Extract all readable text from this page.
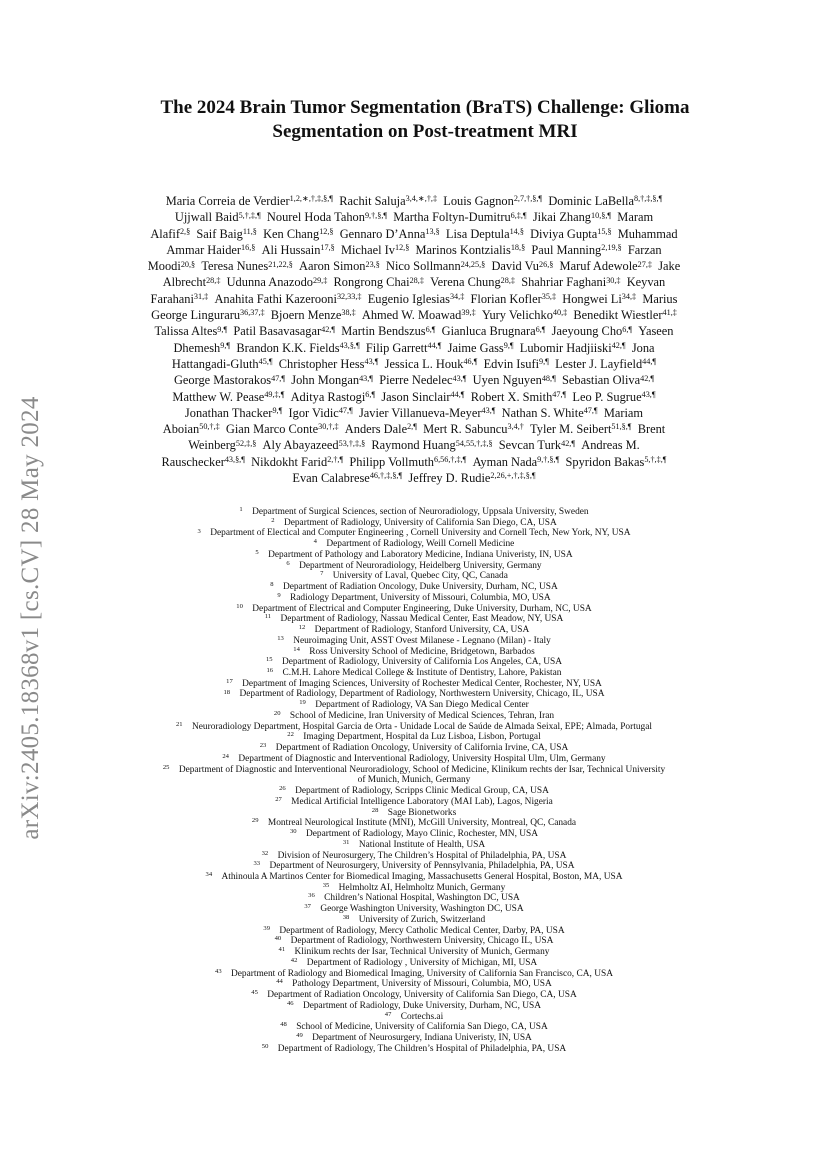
arXiv:2405.18368v1 [cs.CV] 28 May 2024
The 2024 Brain Tumor Segmentation (BraTS) Challenge: Glioma
Segmentation on Post-treatment MRI
Maria Correia de Verdier$^{1,2,∗,\dagger,\ddagger,\S,\P}$  Rachit Saluja$^{3,4,∗,\dagger,\ddagger}$  Louis Gagnon$^{2,7,\dagger,\S,\P}$  Dominic LaBella$^{8,\dagger,\ddagger,\S,\P}$
Ujjwall Baid$^{5,\dagger,\ddagger,\P}$  Nourel Hoda Tahon$^{9,\dagger,\S,\P}$  Martha Foltyn-Dumitru$^{6,\ddagger,\P}$  Jikai Zhang$^{10,\S,\P}$  Maram
Alafif$^{2,\S}$  Saif Baig$^{11,\S}$  Ken Chang$^{12,\S}$  Gennaro D’Anna$^{13,\S}$  Lisa Deptula$^{14,\S}$  Diviya Gupta$^{15,\S}$  Muhammad
Ammar Haider$^{16,\S}$  Ali Hussain$^{17,\S}$  Michael $Iv^{12,\S}$  Marinos Kontzialis$^{18,\S}$  Paul Manning$^{2,19,\S}$  Farzan
Moodi$^{20,\S}$  Teresa Nunes$^{21,22,\S}$  Aaron Simon$^{23,\S}$  Nico Sollmann$^{24,25,\S}$  David $Vu^{26,\S}$  Maruf Adewole$^{27,\ddagger}$  Jake
Albrecht$^{28,\ddagger}$  Udunna Anazodo$^{29,\ddagger}$  Rongrong Chai$^{28,\ddagger}$  Verena Chung$^{28,\ddagger}$  Shahriar Faghani$^{30,\ddagger}$  Keyvan
Farahani$^{31,\ddagger}$  Anahita Fathi Kazerooni$^{32,33,\ddagger}$  Eugenio Iglesias$^{34,\ddagger}$  Florian Kofler$^{35,\ddagger}$  Hongwei $Li^{34,\ddagger}$  Marius
George Linguraru$^{36,37,\ddagger}$  Bjoern Menze$^{38,\ddagger}$  Ahmed W. Moawad$^{39,\ddagger}$  Yury Velichko$^{40,\ddagger}$  Benedikt Wiestler$^{41,\ddagger}$
Talissa Altes$^{9,\P}$  Patil Basavasagar$^{42,\P}$  Martin Bendszus$^{6,\P}$  Gianluca Brugnara$^{6,\P}$  Jaeyoung Cho$^{6,\P}$  Yaseen
Dhemesh$^{9,\P}$  Brandon K.K. Fields$^{43,\S,\P}$  Filip Garrett$^{44,\P}$  Jaime Gass$^{9,\P}$  Lubomir Hadjiiski$^{42,\P}$  Jona
Hattangadi-Gluth$^{45,\P}$  Christopher Hess$^{43,\P}$  Jessica L. Houk$^{46,\P}$  Edvin Isufi$^{9,\P}$  Lester J. Layfield$^{44,\P}$
George Mastorakos$^{47,\P}$  John Mongan$^{43,\P}$  Pierre Nedelec$^{43,\P}$  Uyen Nguyen$^{48,\P}$  Sebastian Oliva$^{42,\P}$
Matthew W. Pease$^{49,\ddagger,\P}$  Aditya Rastogi$^{6,\P}$  Jason Sinclair$^{44,\P}$  Robert X. Smith$^{47,\P}$  Leo P. Sugrue$^{43,\P}$
Jonathan Thacker$^{9,\P}$  Igor Vidic$^{47,\P}$  Javier Villanueva-Meyer$^{43,\P}$  Nathan S. White$^{47,\P}$  Mariam
Aboian$^{50,\dagger,\ddagger}$  Gian Marco Conte$^{30,\dagger,\ddagger}$  Anders Dale$^{2,\P}$  Mert R. Sabuncu$^{3,4,\dagger}$  Tyler M. Seibert$^{51,\S,\P}$  Brent
Weinberg$^{52,\ddagger,\S}$  Aly Abayazeed$^{53,\dagger,\ddagger,\S}$  Raymond Huang$^{54,55,\dagger,\ddagger,\S}$  Sevcan Turk$^{42,\P}$  Andreas M.
Rauschecker$^{43,\S,\P}$  Nikdokht Farid$^{2,\dagger,\P}$  Philipp Vollmuth$^{6,56,\dagger,\ddagger,\P}$  Ayman Nada$^{9,\dagger,\S,\P}$  Spyridon Bakas$^{5,\dagger,\ddagger,\P}$
Evan Calabrese$^{46,\dagger,\ddagger,\S,\P}$  Jeffrey D. Rudie$^{2,26,+,\dagger,\ddagger,\S,\P}$
$^1$  Department of Surgical Sciences, section of Neuroradiology, Uppsala University, Sweden
$^2$  Department of Radiology, University of California San Diego, CA, USA
$^3$  Department of Electical and Computer Engineering , Cornell University and Cornell Tech, New York, NY, USA
$^4$  Department of Radiology, Weill Cornell Medicine
$^5$  Department of Pathology and Laboratory Medicine, Indiana Univeristy, IN, USA
$^6$  Department of Neuroradiology, Heidelberg University, Germany
$^7$  University of Laval, Quebec City, QC, Canada
$^8$  Department of Radiation Oncology, Duke University, Durham, NC, USA
$^9$  Radiology Department, University of Missouri, Columbia, MO, USA
$^{10}$  Department of Electrical and Computer Engineering, Duke University, Durham, NC, USA
$^{11}$  Department of Radiology, Nassau Medical Center, East Meadow, NY, USA
$^{12}$  Department of Radiology, Stanford University, CA, USA
$^{13}$  Neuroimaging Unit, ASST Ovest Milanese - Legnano (Milan) - Italy
$^{14}$  Ross University School of Medicine, Bridgetown, Barbados
$^{15}$  Department of Radiology, University of California Los Angeles, CA, USA
$^{16}$  C.M.H. Lahore Medical College & Institute of Dentistry, Lahore, Pakistan
$^{17}$  Department of Imaging Sciences, University of Rochester Medical Center, Rochester, NY, USA
$^{18}$  Department of Radiology, Department of Radiology, Northwestern University, Chicago, IL, USA
$^{19}$  Department of Radiology, VA San Diego Medical Center
$^{20}$  School of Medicine, Iran University of Medical Sciences, Tehran, Iran
$^{21}$  Neuroradiology Department, Hospital Garcia de Orta - Unidade Local de Saúde de Almada Seixal, EPE; Almada, Portugal
$^{22}$  Imaging Department, Hospital da Luz Lisboa, Lisbon, Portugal
$^{23}$  Department of Radiation Oncology, University of California Irvine, CA, USA
$^{24}$  Department of Diagnostic and Interventional Radiology, University Hospital Ulm, Ulm, Germany
$^{25}$  Department of Diagnostic and Interventional Neuroradiology, School of Medicine, Klinikum rechts der Isar, Technical University
of Munich, Munich, Germany
$^{26}$  Department of Radiology, Scripps Clinic Medical Group, CA, USA
$^{27}$  Medical Artificial Intelligence Laboratory (MAI Lab), Lagos, Nigeria
$^{28}$  Sage Bionetworks
$^{29}$  Montreal Neurological Institute (MNI), McGill University, Montreal, QC, Canada
$^{30}$  Department of Radiology, Mayo Clinic, Rochester, MN, USA
$^{31}$  National Institute of Health, USA
$^{32}$  Division of Neurosurgery, The Children’s Hospital of Philadelphia, PA, USA
$^{33}$  Department of Neurosurgery, University of Pennsylvania, Philadelphia, PA, USA
$^{34}$  Athinoula A Martinos Center for Biomedical Imaging, Massachusetts General Hospital, Boston, MA, USA
$^{35}$  Helmholtz AI, Helmholtz Munich, Germany
$^{36}$  Children’s National Hospital, Washington DC, USA
$^{37}$  George Washington University, Washington DC, USA
$^{38}$  University of Zurich, Switzerland
$^{39}$  Department of Radiology, Mercy Catholic Medical Center, Darby, PA, USA
$^{40}$  Department of Radiology, Northwestern University, Chicago IL, USA
$^{41}$  Klinikum rechts der Isar, Technical University of Munich, Germany
$^{42}$  Department of Radiology , University of Michigan, MI, USA
$^{43}$  Department of Radiology and Biomedical Imaging, University of California San Francisco, CA, USA
$^{44}$  Pathology Department, University of Missouri, Columbia, MO, USA
$^{45}$  Department of Radiation Oncology, University of California San Diego, CA, USA
$^{46}$  Department of Radiology, Duke University, Durham, NC, USA
$^{47}$  Cortechs.ai
$^{48}$  School of Medicine, University of California San Diego, CA, USA
$^{49}$  Department of Neurosurgery, Indiana Univeristy, IN, USA
$^{50}$  Department of Radiology, The Children’s Hospital of Philadelphia, PA, USA
